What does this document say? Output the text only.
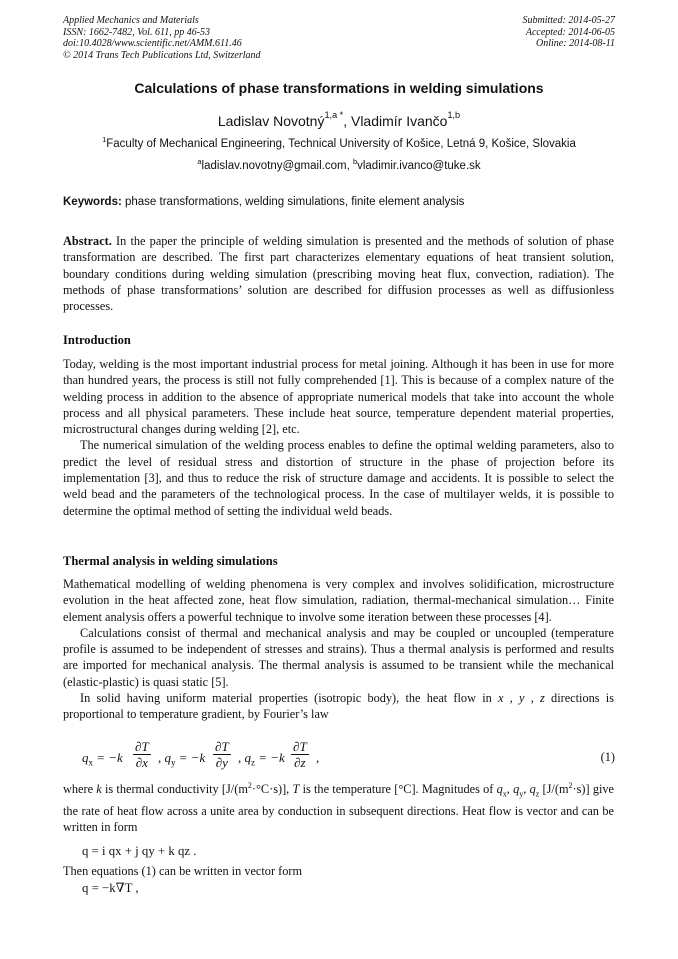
Applied Mechanics and Materials
ISSN: 1662-7482, Vol. 611, pp 46-53
doi:10.4028/www.scientific.net/AMM.611.46
© 2014 Trans Tech Publications Ltd, Switzerland
Submitted: 2014-05-27
Accepted: 2014-06-05
Online: 2014-08-11
Calculations of phase transformations in welding simulations
Ladislav Novotný$^{1,a *}$, Vladimír Ivančo$^{1,b}$
$^1$Faculty of Mechanical Engineering, Technical University of Košice, Letná 9, Košice, Slovakia
$^a$ladislav.novotny@gmail.com, $^b$vladimir.ivanco@tuke.sk
Keywords: phase transformations, welding simulations, finite element analysis

Abstract. In the paper the principle of welding simulation is presented and the methods of solution of phase transformation are described. The first part characterizes elementary equations of heat transient solution, boundary conditions during welding simulation (prescribing moving heat flux, convection, radiation). The methods of phase transformations’ solution are described for diffusion processes as well as diffusionless processes.

Introduction

Today, welding is the most important industrial process for metal joining. Although it has been in use for more than hundred years, the process is still not fully comprehended [1]. This is because of a complex nature of the welding process in addition to the absence of appropriate numerical models that take into account the whole process and all physical parameters. These include heat source, temperature dependent material properties, microstructural changes during welding [2], etc.

The numerical simulation of the welding process enables to define the optimal welding parameters, also to predict the level of residual stress and distortion of structure in the phase of projection before its implementation [3], and thus to reduce the risk of structure damage and accidents. It is possible to select the weld bead and the parameters of the technological process. In the case of multilayer welds, it is possible to determine the optimal method of setting the individual weld beads.

Thermal analysis in welding simulations

Mathematical modelling of welding phenomena is very complex and involves solidification, microstructure evolution in the heat affected zone, heat flow simulation, radiation, thermal-mechanical simulation… Finite element analysis offers a powerful technique to involve some iteration between these processes [4].

Calculations consist of thermal and mechanical analysis and may be coupled or uncoupled (temperature profile is assumed to be independent of stresses and strains). Thus a thermal analysis is performed and results are imported for mechanical analysis. The thermal analysis is assumed to be transient while the mechanical (elastic-plastic) is quasi static [5].

In solid having uniform material properties (isotropic body), the heat flow in x , y , z directions is proportional to temperature gradient, by Fourier’s law

$q_x = -k \frac{\partial T}{\partial x}$ , $q_y = -k \frac{\partial T}{\partial y}$ , $q_z = -k \frac{\partial T}{\partial z}$ ,	(1)

where k is thermal conductivity $[J/(m^2\cdot^\circ C\cdot s)]$, T is the temperature [°C]. Magnitudes of $q_x$, $q_y$, $q_z$ $[J/(m^2\cdot s)]$ give the rate of heat flow across a unite area by conduction in subsequent directions. Heat flow is vector and can be written in form

q = i qx + j qy + k qz .

Then equations (1) can be written in vector form

q = −k∇T ,
